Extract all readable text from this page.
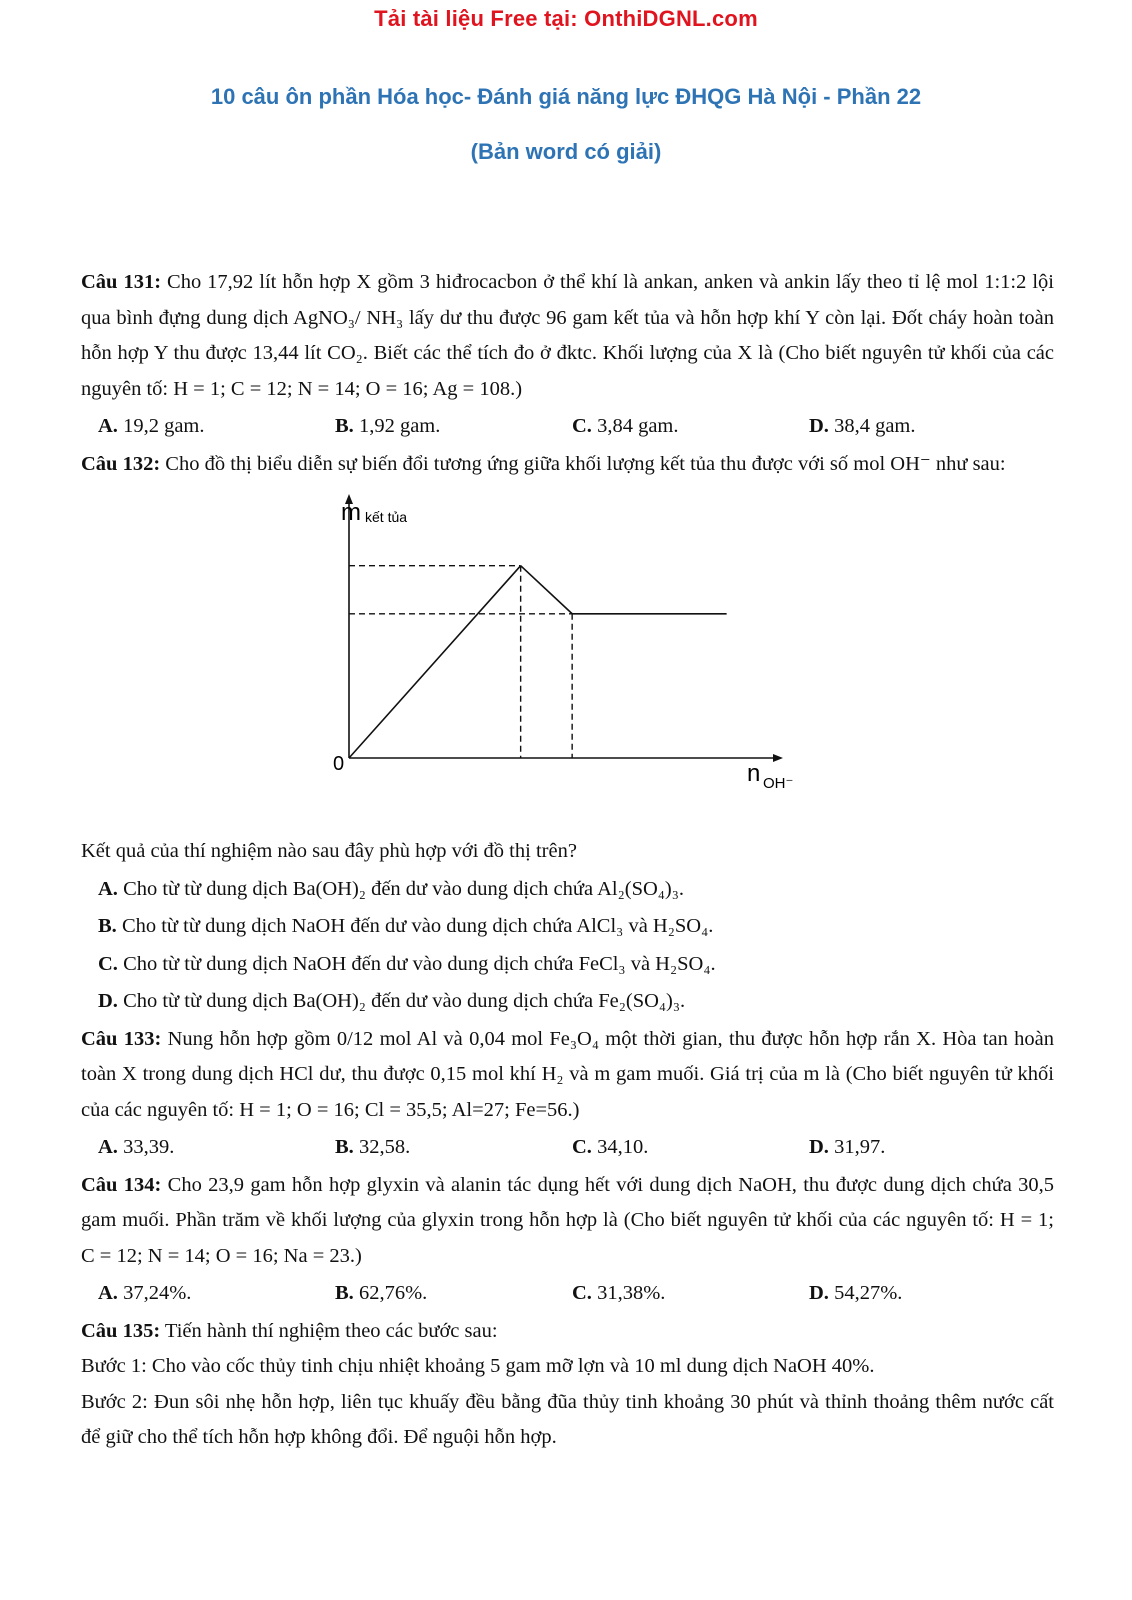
Tải tài liệu Free tại: OnthiDGNL.com
10 câu ôn phần Hóa học- Đánh giá năng lực ĐHQG Hà Nội - Phần 22
(Bản word có giải)

Câu 131: Cho 17,92 lít hỗn hợp X gồm 3 hiđrocacbon ở thể khí là ankan, anken và ankin lấy theo tỉ lệ mol 1:1:2 lội qua bình đựng dung dịch AgNO₃/ NH₃ lấy dư thu được 96 gam kết tủa và hỗn hợp khí Y còn lại. Đốt cháy hoàn toàn hỗn hợp Y thu được 13,44 lít CO₂. Biết các thể tích đo ở đktc. Khối lượng của X là (Cho biết nguyên tử khối của các nguyên tố: H = 1; C = 12; N = 14; O = 16; Ag = 108.)

A. 19,2 gam.	B. 1,92 gam.	C. 3,84 gam.	D. 38,4 gam.

Câu 132: Cho đồ thị biểu diễn sự biến đổi tương ứng giữa khối lượng kết tủa thu được với số mol OH⁻ như sau:

m kết tủa
0	n OH⁻

Kết quả của thí nghiệm nào sau đây phù hợp với đồ thị trên?

A. Cho từ từ dung dịch Ba(OH)₂ đến dư vào dung dịch chứa Al₂(SO₄)₃.
B. Cho từ từ dung dịch NaOH đến dư vào dung dịch chứa AlCl₃ và H₂SO₄.
C. Cho từ từ dung dịch NaOH đến dư vào dung dịch chứa FeCl₃ và H₂SO₄.
D. Cho từ từ dung dịch Ba(OH)₂ đến dư vào dung dịch chứa Fe₂(SO₄)₃.

Câu 133: Nung hỗn hợp gồm 0/12 mol Al và 0,04 mol Fe₃O₄ một thời gian, thu được hỗn hợp rắn X. Hòa tan hoàn toàn X trong dung dịch HCl dư, thu được 0,15 mol khí H₂ và m gam muối. Giá trị của m là (Cho biết nguyên tử khối của các nguyên tố: H = 1; O = 16; Cl = 35,5; Al=27; Fe=56.)

A. 33,39.	B. 32,58.	C. 34,10.	D. 31,97.

Câu 134: Cho 23,9 gam hỗn hợp glyxin và alanin tác dụng hết với dung dịch NaOH, thu được dung dịch chứa 30,5 gam muối. Phần trăm về khối lượng của glyxin trong hỗn hợp là (Cho biết nguyên tử khối của các nguyên tố: H = 1; C = 12; N = 14; O = 16; Na = 23.)

A. 37,24%.	B. 62,76%.	C. 31,38%.	D. 54,27%.

Câu 135: Tiến hành thí nghiệm theo các bước sau:

Bước 1: Cho vào cốc thủy tinh chịu nhiệt khoảng 5 gam mỡ lợn và 10 ml dung dịch NaOH 40%.

Bước 2: Đun sôi nhẹ hỗn hợp, liên tục khuấy đều bằng đũa thủy tinh khoảng 30 phút và thỉnh thoảng thêm nước cất để giữ cho thể tích hỗn hợp không đổi. Để nguội hỗn hợp.
